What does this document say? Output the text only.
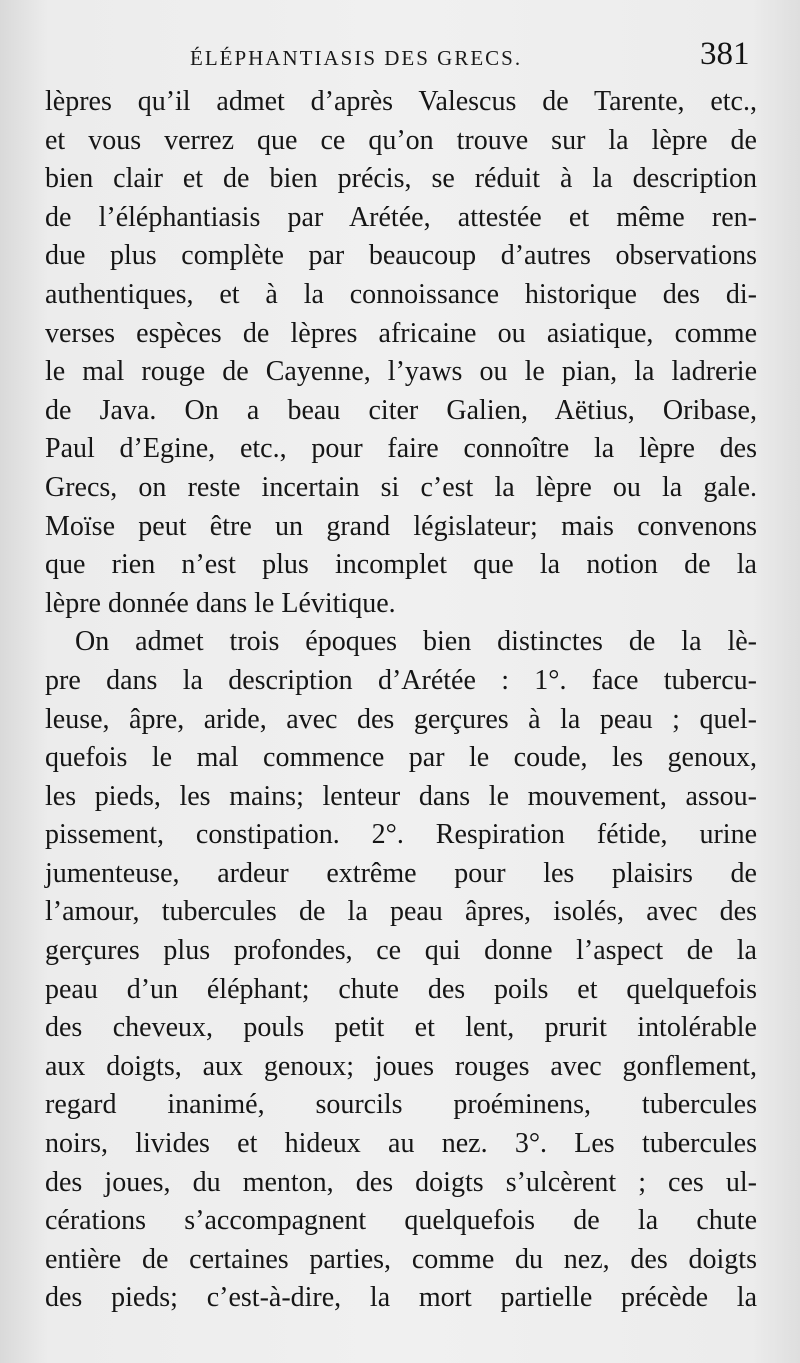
ÉLÉPHANTIASIS DES GRECS.	381
lèpres qu’il admet d’après Valescus de Tarente, etc.,
et vous verrez que ce qu’on trouve sur la lèpre de
bien clair et de bien précis, se réduit à la description
de l’éléphantiasis par Arétée, attestée et même ren-
due plus complète par beaucoup d’autres observations
authentiques, et à la connoissance historique des di-
verses espèces de lèpres africaine ou asiatique, comme
le mal rouge de Cayenne, l’yaws ou le pian, la ladrerie
de Java. On a beau citer Galien, Aëtius, Oribase,
Paul d’Egine, etc., pour faire connoître la lèpre des
Grecs, on reste incertain si c’est la lèpre ou la gale.
Moïse peut être un grand législateur; mais convenons
que rien n’est plus incomplet que la notion de la
lèpre donnée dans le Lévitique.
On admet trois époques bien distinctes de la lè-
pre dans la description d’Arétée : 1°. face tubercu-
leuse, âpre, aride, avec des gerçures à la peau ; quel-
quefois le mal commence par le coude, les genoux,
les pieds, les mains; lenteur dans le mouvement, assou-
pissement, constipation. 2°. Respiration fétide, urine
jumenteuse, ardeur extrême pour les plaisirs de
l’amour, tubercules de la peau âpres, isolés, avec des
gerçures plus profondes, ce qui donne l’aspect de la
peau d’un éléphant; chute des poils et quelquefois
des cheveux, pouls petit et lent, prurit intolérable
aux doigts, aux genoux; joues rouges avec gonflement,
regard inanimé, sourcils proéminens, tubercules
noirs, livides et hideux au nez. 3°. Les tubercules
des joues, du menton, des doigts s’ulcèrent ; ces ul-
cérations s’accompagnent quelquefois de la chute
entière de certaines parties, comme du nez, des doigts
des pieds; c’est-à-dire, la mort partielle précède la
